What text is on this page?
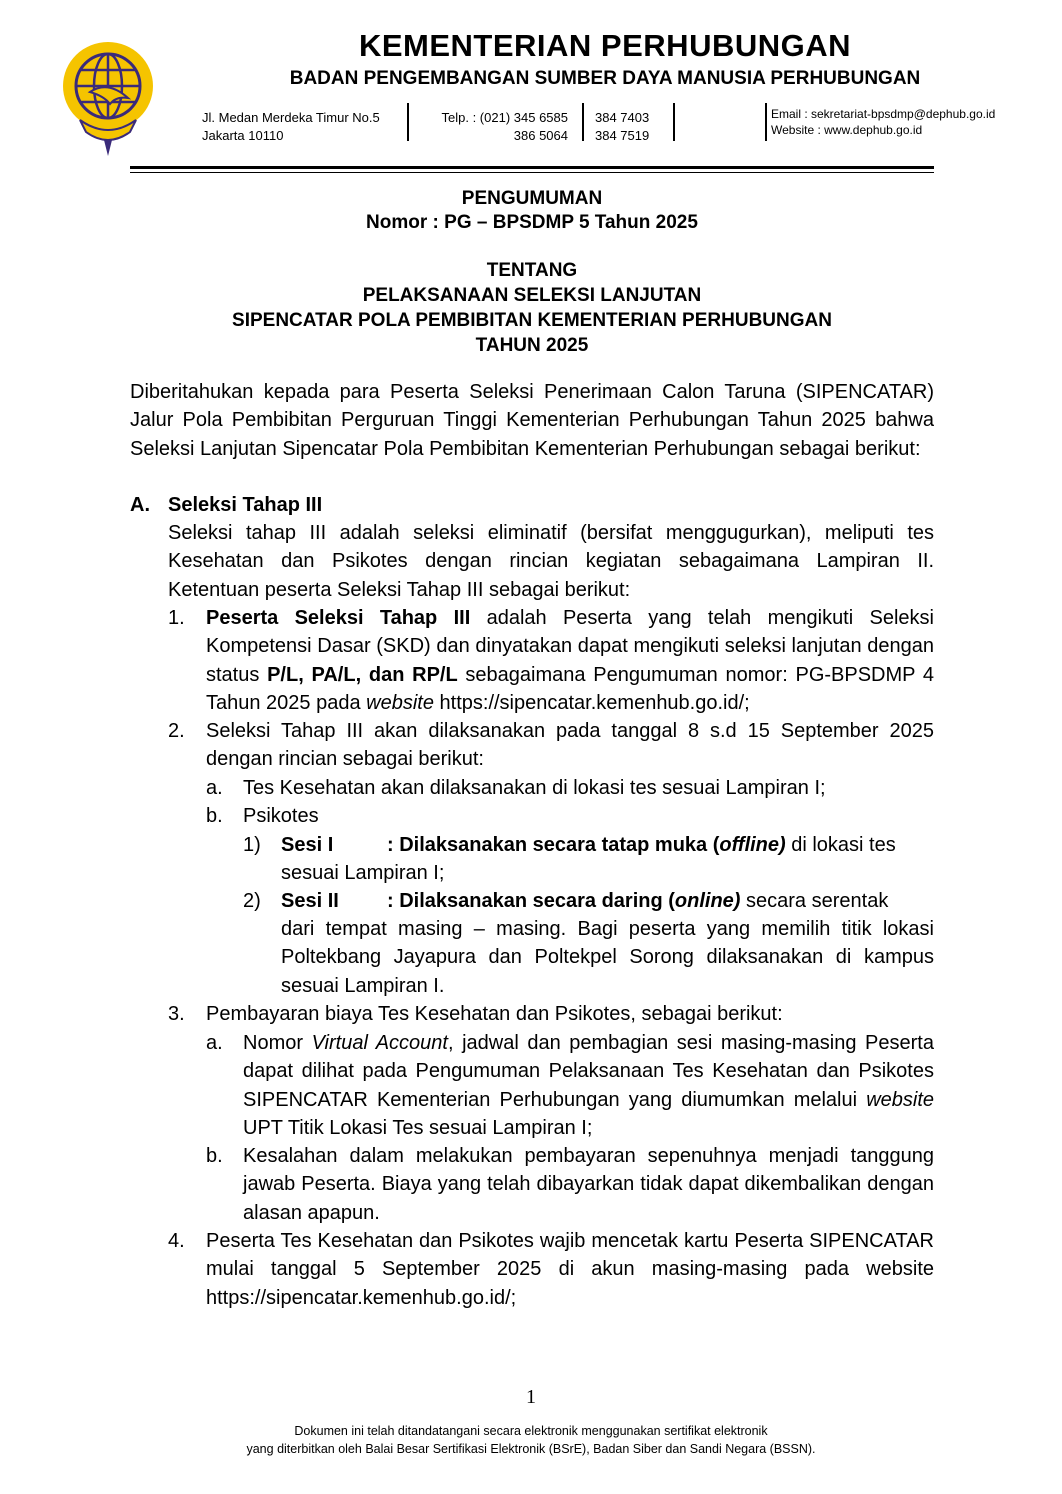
KEMENTERIAN PERHUBUNGAN
BADAN PENGEMBANGAN SUMBER DAYA MANUSIA PERHUBUNGAN
Jl. Medan Merdeka Timur No.5
Jakarta 10110
Telp. : (021) 345 6585
386 5064
384 7403
384 7519
Email : sekretariat-bpsdmp@dephub.go.id
Website : www.dephub.go.id
PENGUMUMAN
Nomor : PG – BPSDMP 5 Tahun 2025
TENTANG
PELAKSANAAN SELEKSI LANJUTAN
SIPENCATAR POLA PEMBIBITAN KEMENTERIAN PERHUBUNGAN
TAHUN 2025
Diberitahukan kepada para Peserta Seleksi Penerimaan Calon Taruna (SIPENCATAR) Jalur Pola Pembibitan Perguruan Tinggi Kementerian Perhubungan Tahun 2025 bahwa Seleksi Lanjutan Sipencatar Pola Pembibitan Kementerian Perhubungan sebagai berikut:
A. Seleksi Tahap III
Seleksi tahap III adalah seleksi eliminatif (bersifat menggugurkan), meliputi tes Kesehatan dan Psikotes dengan rincian kegiatan sebagaimana Lampiran II. Ketentuan peserta Seleksi Tahap III sebagai berikut:
1. Peserta Seleksi Tahap III adalah Peserta yang telah mengikuti Seleksi Kompetensi Dasar (SKD) dan dinyatakan dapat mengikuti seleksi lanjutan dengan status P/L, PA/L, dan RP/L sebagaimana Pengumuman nomor: PG-BPSDMP 4 Tahun 2025 pada website https://sipencatar.kemenhub.go.id/;
2. Seleksi Tahap III akan dilaksanakan pada tanggal 8 s.d 15 September 2025 dengan rincian sebagai berikut:
a. Tes Kesehatan akan dilaksanakan di lokasi tes sesuai Lampiran I;
b. Psikotes
1) Sesi I	: Dilaksanakan secara tatap muka (offline) di lokasi tes
sesuai Lampiran I;
2) Sesi II : Dilaksanakan secara daring (online) secara serentak
dari tempat masing – masing. Bagi peserta yang memilih titik lokasi Poltekbang Jayapura dan Poltekpel Sorong dilaksanakan di kampus sesuai Lampiran I.
3. Pembayaran biaya Tes Kesehatan dan Psikotes, sebagai berikut:
a. Nomor Virtual Account, jadwal dan pembagian sesi masing-masing Peserta dapat dilihat pada Pengumuman Pelaksanaan Tes Kesehatan dan Psikotes SIPENCATAR Kementerian Perhubungan yang diumumkan melalui website UPT Titik Lokasi Tes sesuai Lampiran I;
b. Kesalahan dalam melakukan pembayaran sepenuhnya menjadi tanggung jawab Peserta. Biaya yang telah dibayarkan tidak dapat dikembalikan dengan alasan apapun.
4. Peserta Tes Kesehatan dan Psikotes wajib mencetak kartu Peserta SIPENCATAR mulai tanggal 5 September 2025 di akun masing-masing pada website https://sipencatar.kemenhub.go.id/;
1
Dokumen ini telah ditandatangani secara elektronik menggunakan sertifikat elektronik
yang diterbitkan oleh Balai Besar Sertifikasi Elektronik (BSrE), Badan Siber dan Sandi Negara (BSSN).
